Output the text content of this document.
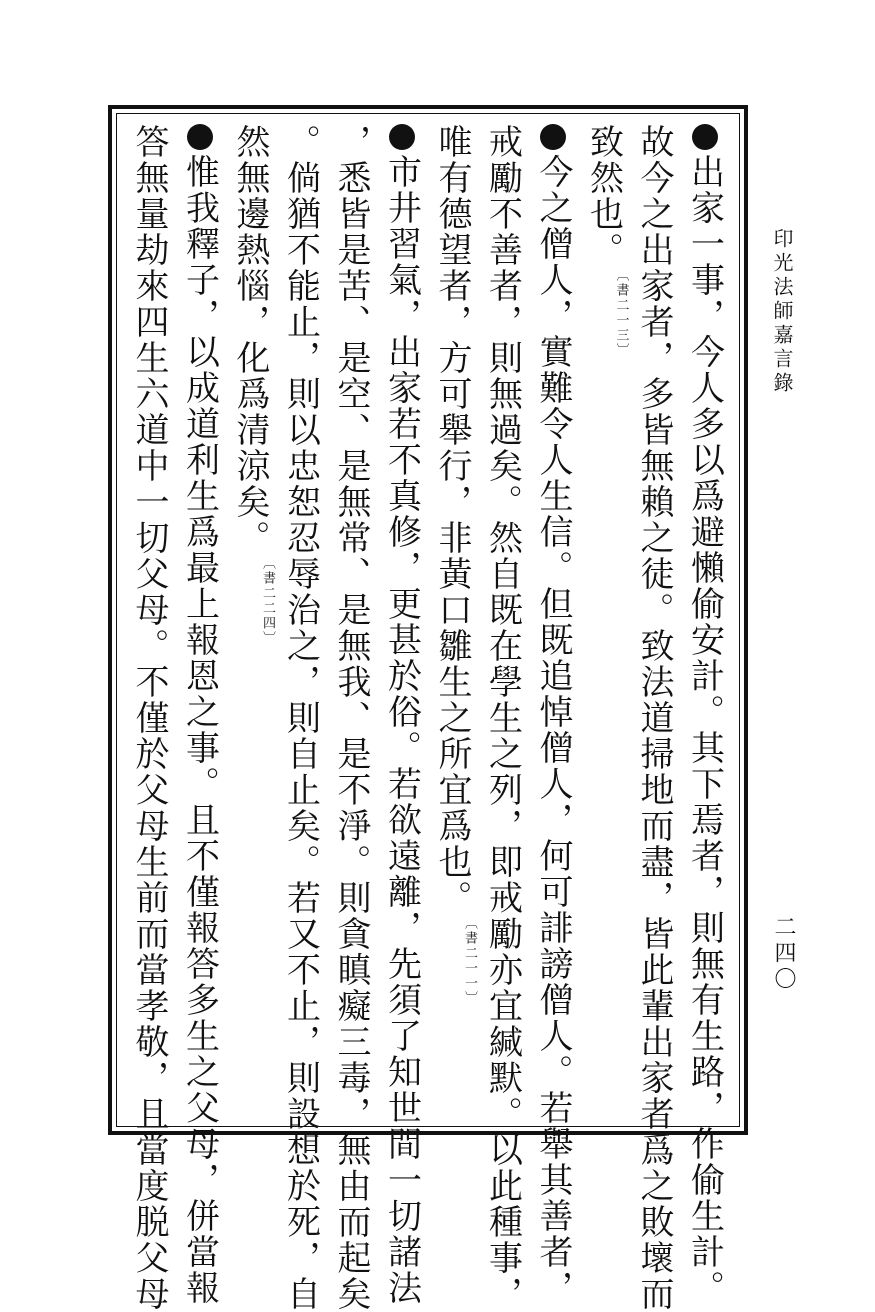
印光法師嘉言錄
二四〇
出家一事，今人多以爲避懶偷安計。其下焉者，則無有生路，作偷生計。
故今之出家者，多皆無賴之徒。致法道掃地而盡，皆此輩出家者爲之敗壞而
致然也。〔書二一三〕
今之僧人，實難令人生信。但既追悼僧人，何可誹謗僧人。若舉其善者，
戒勵不善者，則無過矣。然自既在學生之列，即戒勵亦宜緘默。以此種事，
唯有德望者，方可舉行，非黃口雛生之所宜爲也。〔書二一一〕
市井習氣，出家若不真修，更甚於俗。若欲遠離，先須了知世間一切諸法
，悉皆是苦、是空、是無常、是無我、是不淨。則貪瞋癡三毒，無由而起矣
。倘猶不能止，則以忠恕忍辱治之，則自止矣。若又不止，則設想於死，自
然無邊熱惱，化爲清涼矣。〔書二二四〕
惟我釋子，以成道利生爲最上報恩之事。且不僅報答多生之父母，併當報
答無量劫來四生六道中一切父母。不僅於父母生前而當孝敬，且當度脱父母
